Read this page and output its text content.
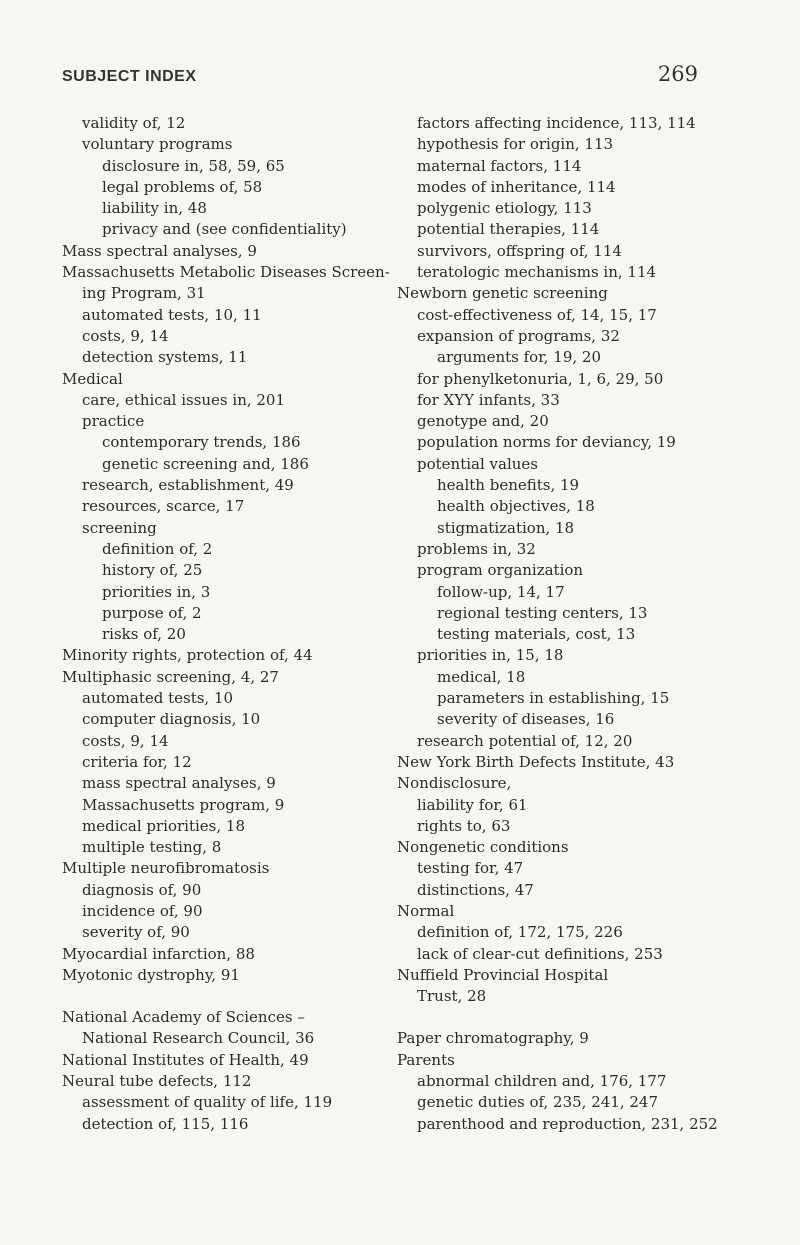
SUBJECT INDEX	269
validity of, 12
voluntary programs
disclosure in, 58, 59, 65
legal problems of, 58
liability in, 48
privacy and (see confidentiality)
Mass spectral analyses, 9
Massachusetts Metabolic Diseases Screen-
ing Program, 31
automated tests, 10, 11
costs, 9, 14
detection systems, 11
Medical
care, ethical issues in, 201
practice
contemporary trends, 186
genetic screening and, 186
research, establishment, 49
resources, scarce, 17
screening
definition of, 2
history of, 25
priorities in, 3
purpose of, 2
risks of, 20
Minority rights, protection of, 44
Multiphasic screening, 4, 27
automated tests, 10
computer diagnosis, 10
costs, 9, 14
criteria for, 12
mass spectral analyses, 9
Massachusetts program, 9
medical priorities, 18
multiple testing, 8
Multiple neurofibromatosis
diagnosis of, 90
incidence of, 90
severity of, 90
Myocardial infarction, 88
Myotonic dystrophy, 91
National Academy of Sciences –
National Research Council, 36
National Institutes of Health, 49
Neural tube defects, 112
assessment of quality of life, 119
detection of, 115, 116
factors affecting incidence, 113, 114
hypothesis for origin, 113
maternal factors, 114
modes of inheritance, 114
polygenic etiology, 113
potential therapies, 114
survivors, offspring of, 114
teratologic mechanisms in, 114
Newborn genetic screening
cost-effectiveness of, 14, 15, 17
expansion of programs, 32
arguments for, 19, 20
for phenylketonuria, 1, 6, 29, 50
for XYY infants, 33
genotype and, 20
population norms for deviancy, 19
potential values
health benefits, 19
health objectives, 18
stigmatization, 18
problems in, 32
program organization
follow-up, 14, 17
regional testing centers, 13
testing materials, cost, 13
priorities in, 15, 18
medical, 18
parameters in establishing, 15
severity of diseases, 16
research potential of, 12, 20
New York Birth Defects Institute, 43
Nondisclosure,
liability for, 61
rights to, 63
Nongenetic conditions
testing for, 47
distinctions, 47
Normal
definition of, 172, 175, 226
lack of clear-cut definitions, 253
Nuffield Provincial Hospital
Trust, 28
Paper chromatography, 9
Parents
abnormal children and, 176, 177
genetic duties of, 235, 241, 247
parenthood and reproduction, 231, 252
